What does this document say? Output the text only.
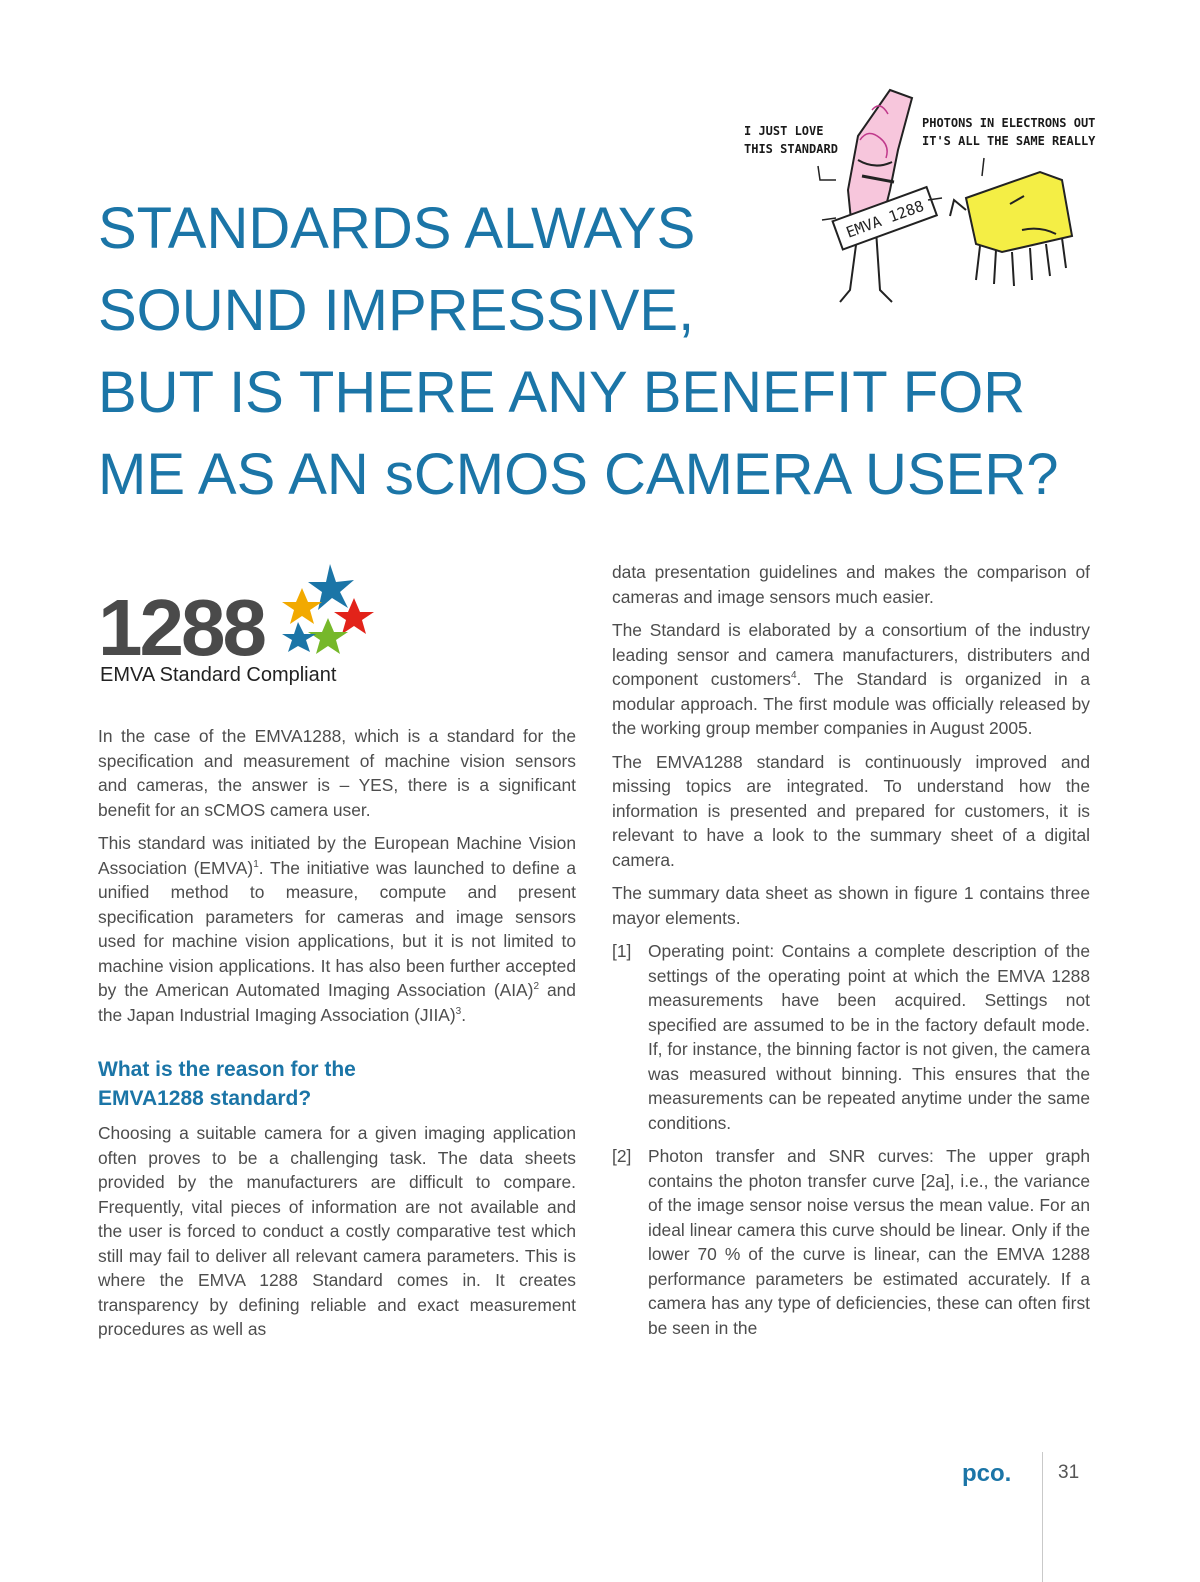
STANDARDS ALWAYS
SOUND IMPRESSIVE,
BUT IS THERE ANY BENEFIT FOR
ME AS AN sCMOS CAMERA USER?
EMVA 1288
I JUST LOVE
THIS STANDARD
PHOTONS IN ELECTRONS OUT
IT'S ALL THE SAME REALLY
1288
EMVA Standard Compliant

In the case of the EMVA1288, which is a standard for the specification and measurement of machine vision sensors and cameras, the answer is – YES, there is a significant benefit for an sCMOS camera user.

This standard was initiated by the European Machine Vision Association (EMVA)$^1$. The initiative was launched to define a unified method to measure, compute and present specification parameters for cameras and image sensors used for machine vision applications, but it is not limited to machine vision applications. It has also been further accepted by the American Automated Imaging Association (AIA)$^2$ and the Japan Industrial Imaging Association (JIIA)$^3$.

What is the reason for the
EMVA1288 standard?

Choosing a suitable camera for a given imaging application often proves to be a challenging task. The data sheets provided by the manufacturers are difficult to compare. Frequently, vital pieces of information are not available and the user is forced to conduct a costly comparative test which still may fail to deliver all relevant camera parameters. This is where the EMVA 1288 Standard comes in. It creates transparency by defining reliable and exact measurement procedures as well as

data presentation guidelines and makes the comparison of cameras and image sensors much easier.

The Standard is elaborated by a consortium of the industry leading sensor and camera manufacturers, distributers and component customers$^4$. The Standard is organized in a modular approach. The first module was officially released by the working group member companies in August 2005.

The EMVA1288 standard is continuously improved and missing topics are integrated. To understand how the information is presented and prepared for customers, it is relevant to have a look to the summary sheet of a digital camera.

The summary data sheet as shown in figure 1 contains three mayor elements.

[1] Operating point: Contains a complete description of the settings of the operating point at which the EMVA 1288 measurements have been acquired. Settings not specified are assumed to be in the factory default mode. If, for instance, the binning factor is not given, the camera was measured without binning. This ensures that the measurements can be repeated anytime under the same conditions.
[2] Photon transfer and SNR curves: The upper graph contains the photon transfer curve [2a], i.e., the variance of the image sensor noise versus the mean value. For an ideal linear camera this curve should be linear. Only if the lower 70 % of the curve is linear, can the EMVA 1288 performance parameters be estimated accurately. If a camera has any type of deficiencies, these can often first be seen in the
pco. 31
